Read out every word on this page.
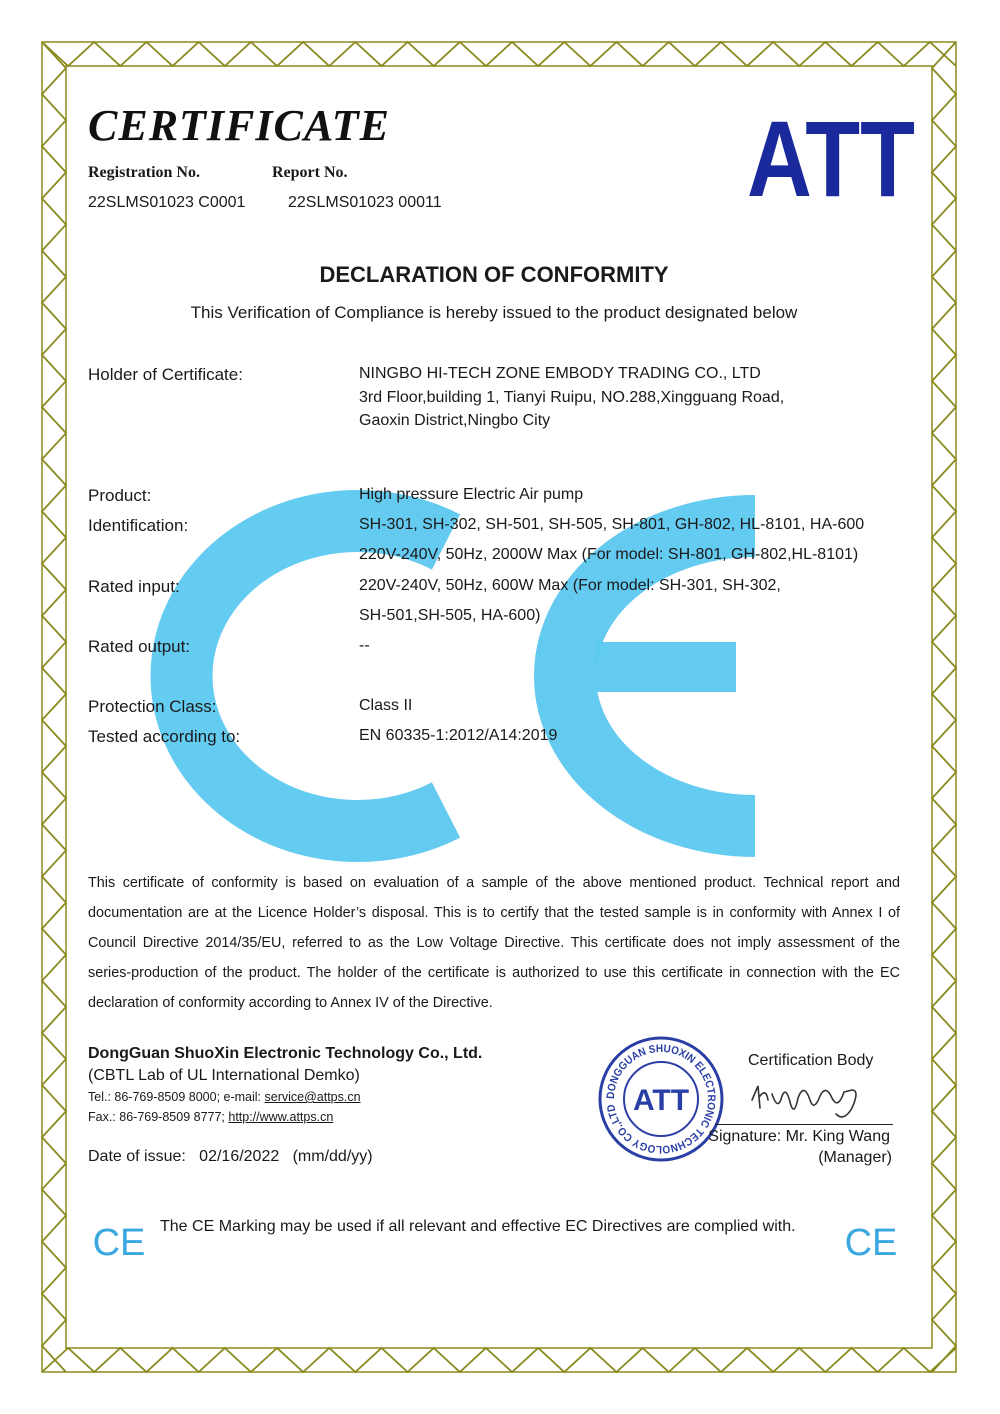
CERTIFICATE
Registration No.	Report No.
22SLMS01023 C0001	22SLMS01023 00011	ATT
DECLARATION OF CONFORMITY
This Verification of Compliance is hereby issued to the product designated below
Holder of Certificate:	NINGBO HI-TECH ZONE EMBODY TRADING CO., LTD
3rd Floor,building 1, Tianyi Ruipu, NO.288,Xingguang Road,
Gaoxin District,Ningbo City
Product:	High pressure Electric Air pump
Identification:	SH-301, SH-302, SH-501, SH-505, SH-801, GH-802, HL-8101, HA-600
220V-240V, 50Hz, 2000W Max (For model: SH-801, GH-802,HL-8101)
Rated input:	220V-240V, 50Hz, 600W Max (For model: SH-301, SH-302,
SH-501,SH-505, HA-600)
Rated output:	--
Protection Class:	Class II
Tested according to:	EN 60335-1:2012/A14:2019
This certificate of conformity is based on evaluation of a sample of the above mentioned product. Technical report and documentation are at the Licence Holder’s disposal. This is to certify that the tested sample is in conformity with Annex I of Council Directive 2014/35/EU, referred to as the Low Voltage Directive. This certificate does not imply assessment of the series-production of the product. The holder of the certificate is authorized to use this certificate in connection with the EC declaration of conformity according to Annex IV of the Directive.
DongGuan ShuoXin Electronic Technology Co., Ltd.
(CBTL Lab of UL International Demko)
Tel.: 86-769-8509 8000; e-mail: service@attps.cn
Fax.: 86-769-8509 8777; http://www.attps.cn
Date of issue: 02/16/2022 (mm/dd/yy)
DONGGUAN SHUOXIN ELECTRONIC TECHNOLOGY CO.,LTD ATT
Certification Body
Signature: Mr. King Wang
(Manager)
CE The CE Marking may be used if all relevant and effective EC Directives are complied with. CE
